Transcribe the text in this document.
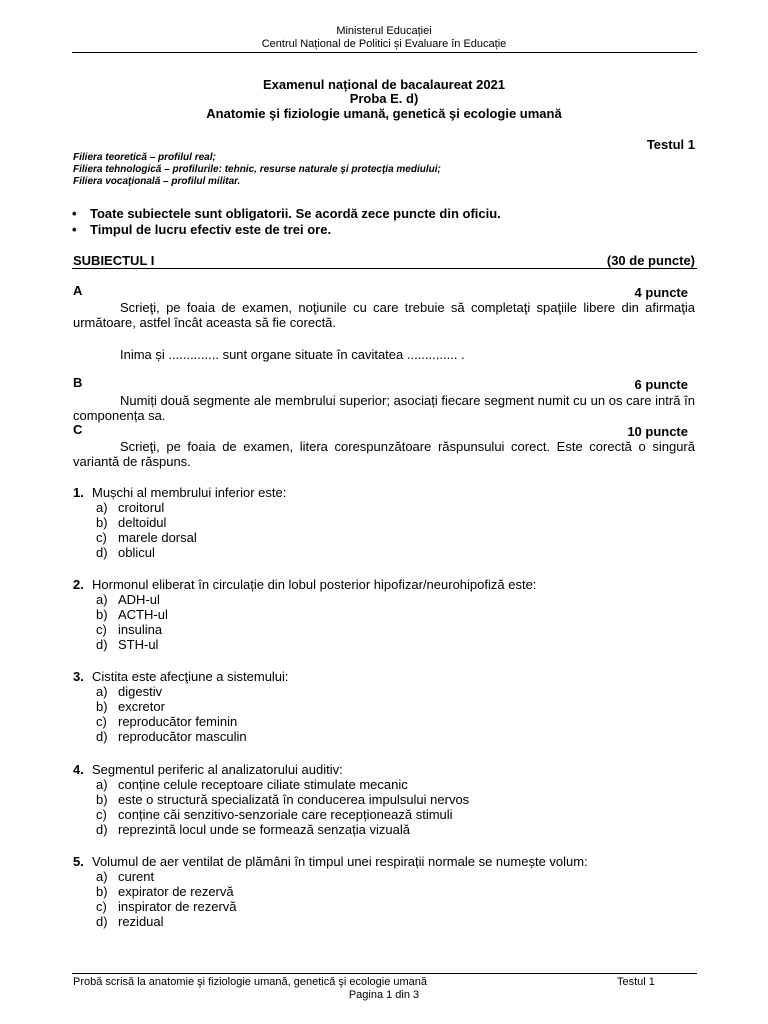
Ministerul Educației
Centrul Național de Politici și Evaluare în Educație
Examenul național de bacalaureat 2021
Proba E. d)
Anatomie şi fiziologie umană, genetică şi ecologie umană
Testul 1
Filiera teoretică – profilul real;
Filiera tehnologică – profilurile: tehnic, resurse naturale şi protecţia mediului;
Filiera vocaţională – profilul militar.
• Toate subiectele sunt obligatorii. Se acordă zece puncte din oficiu.
• Timpul de lucru efectiv este de trei ore.
SUBIECTUL I	(30 de puncte)
A	4 puncte
Scrieţi, pe foaia de examen, noţiunile cu care trebuie să completaţi spaţiile libere din afirmaţia următoare, astfel încât aceasta să fie corectă.
Inima și .............. sunt organe situate în cavitatea .............. .
B	6 puncte
Numiți două segmente ale membrului superior; asociați fiecare segment numit cu un os care intră în componența sa.
C	10 puncte
Scrieţi, pe foaia de examen, litera corespunzătoare răspunsului corect. Este corectă o singură variantă de răspuns.
1. Mușchi al membrului inferior este:
a) croitorul
b) deltoidul
c) marele dorsal
d) oblicul
2. Hormonul eliberat în circulație din lobul posterior hipofizar/neurohipofiză este:
a) ADH-ul
b) ACTH-ul
c) insulina
d) STH-ul
3. Cistita este afecţiune a sistemului:
a) digestiv
b) excretor
c) reproducător feminin
d) reproducător masculin
4. Segmentul periferic al analizatorului auditiv:
a) conține celule receptoare ciliate stimulate mecanic
b) este o structură specializată în conducerea impulsului nervos
c) conține căi senzitivo-senzoriale care recepționează stimuli
d) reprezintă locul unde se formează senzația vizuală
5. Volumul de aer ventilat de plămâni în timpul unei respirații normale se numește volum:
a) curent
b) expirator de rezervă
c) inspirator de rezervă
d) rezidual
Probă scrisă la anatomie şi fiziologie umană, genetică şi ecologie umană	Testul 1
Pagina 1 din 3
